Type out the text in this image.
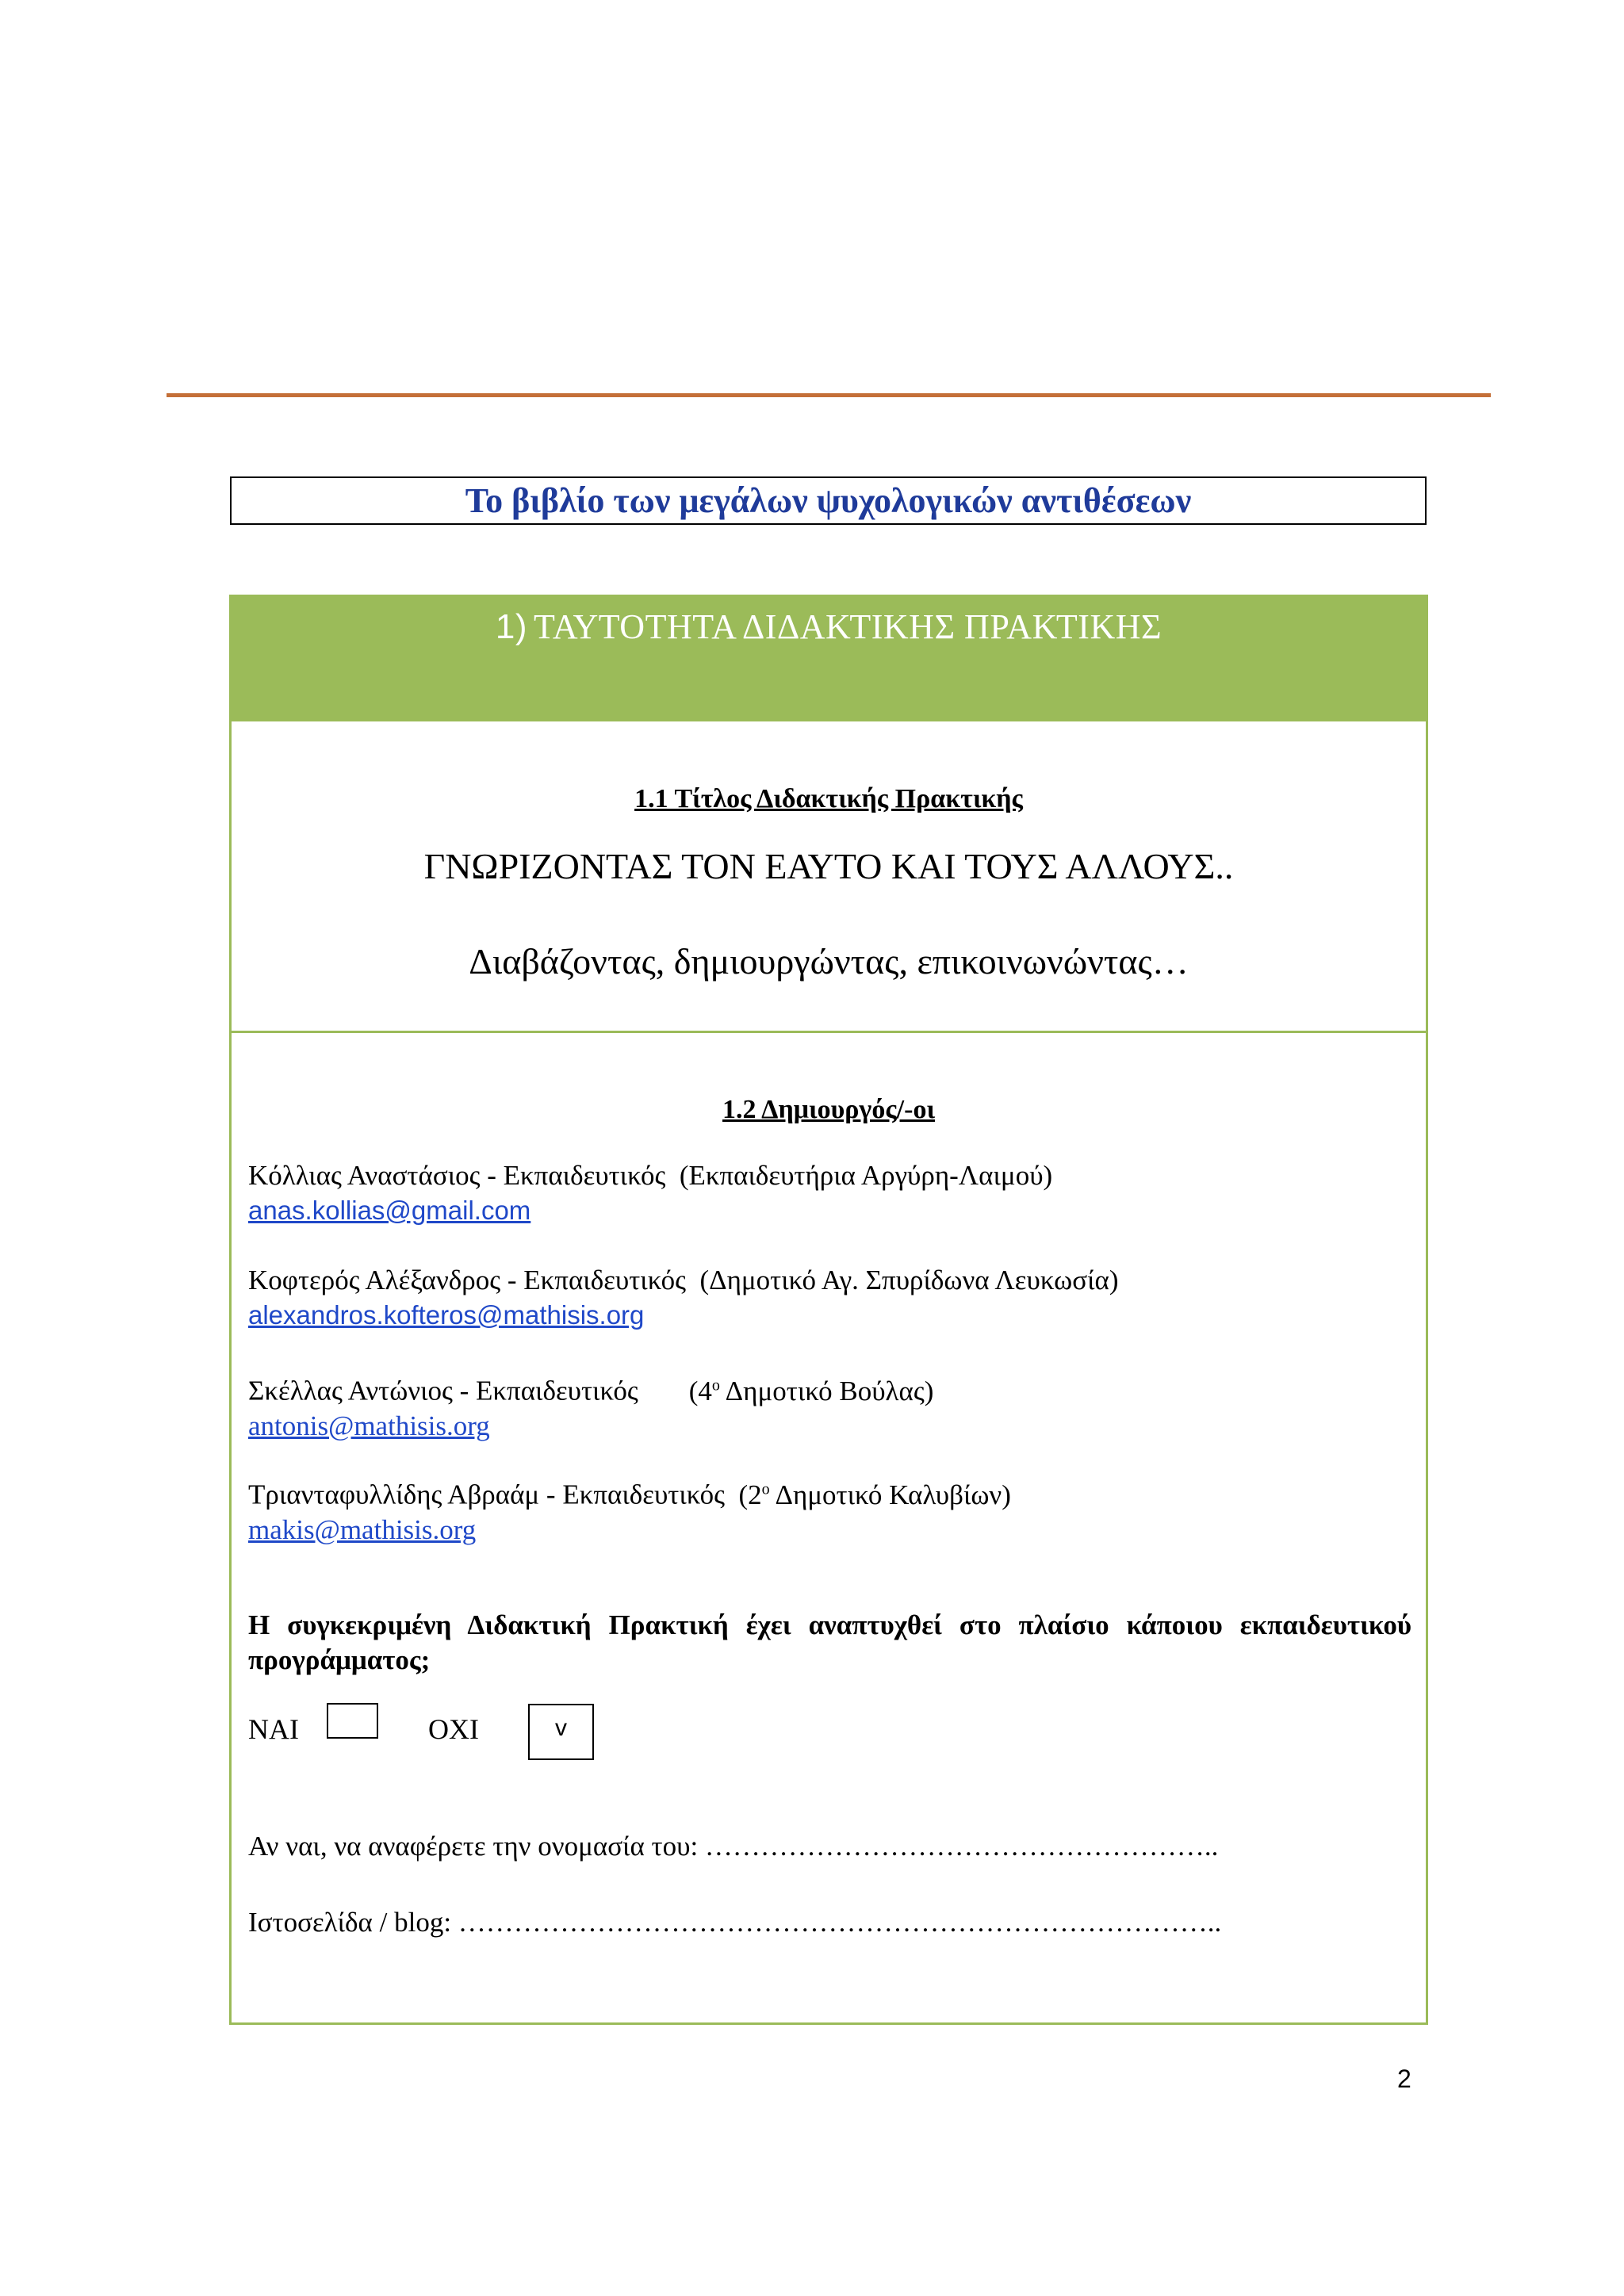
Το βιβλίο των μεγάλων ψυχολογικών αντιθέσεων
1) ΤΑΥΤΟΤΗΤΑ ΔΙΔΑΚΤΙΚΗΣ ΠΡΑΚΤΙΚΗΣ
1.1 Τίτλος Διδακτικής Πρακτικής
ΓΝΩΡΙΖΟΝΤΑΣ ΤΟΝ ΕΑΥΤΟ ΚΑΙ ΤΟΥΣ ΑΛΛΟΥΣ..
Διαβάζοντας, δημιουργώντας, επικοινωνώντας…
1.2 Δημιουργός/-οι
Κόλλιας Αναστάσιος - Εκπαιδευτικός (Εκπαιδευτήρια Αργύρη-Λαιμού)
anas.kollias@gmail.com
Κοφτερός Αλέξανδρος - Εκπαιδευτικός (Δημοτικό Αγ. Σπυρίδωνα Λευκωσία)
alexandros.kofteros@mathisis.org
Σκέλλας Αντώνιος - Εκπαιδευτικός ($4^o$ Δημοτικό Βούλας)
antonis@mathisis.org
Τριανταφυλλίδης Αβραάμ - Εκπαιδευτικός ($2^o$ Δημοτικό Καλυβίων)
makis@mathisis.org
Η συγκεκριμένη Διδακτική Πρακτική έχει αναπτυχθεί στο πλαίσιο κάποιου εκπαιδευτικού προγράμματος;
ΝΑΙ	ΟΧΙ	v
Αν ναι, να αναφέρετε την ονομασία του: ………………………………………………..
Ιστοσελίδα / blog: ………………………………………………………………………..
2
